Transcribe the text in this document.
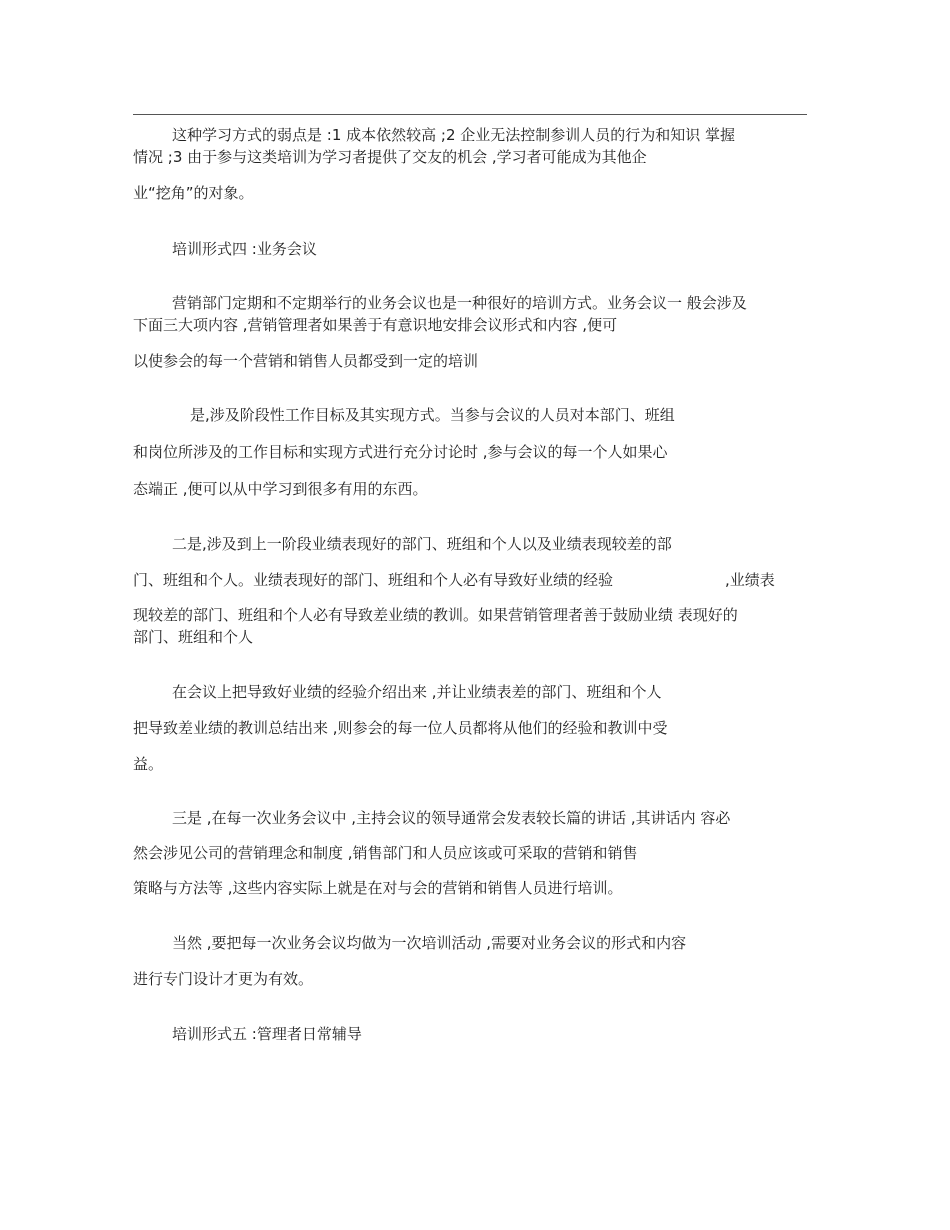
这种学习方式的弱点是 :1 成本依然较高 ;2 企业无法控制参训人员的行为和知识 掌握
情况 ;3 由于参与这类培训为学习者提供了交友的机会 ,学习者可能成为其他企
业“挖角”的对象。
培训形式四 :业务会议
营销部门定期和不定期举行的业务会议也是一种很好的培训方式。业务会议一 般会涉及
下面三大项内容 ,营销管理者如果善于有意识地安排会议形式和内容 ,便可
以使参会的每一个营销和销售人员都受到一定的培训
是,涉及阶段性工作目标及其实现方式。当参与会议的人员对本部门、班组
和岗位所涉及的工作目标和实现方式进行充分讨论时 ,参与会议的每一个人如果心
态端正 ,便可以从中学习到很多有用的东西。
二是,涉及到上一阶段业绩表现好的部门、班组和个人以及业绩表现较差的部
门、班组和个人。业绩表现好的部门、班组和个人必有导致好业绩的经验	,业绩表
现较差的部门、班组和个人必有导致差业绩的教训。如果营销管理者善于鼓励业绩 表现好的
部门、班组和个人
在会议上把导致好业绩的经验介绍出来 ,并让业绩表差的部门、班组和个人
把导致差业绩的教训总结出来 ,则参会的每一位人员都将从他们的经验和教训中受
益。
三是 ,在每一次业务会议中 ,主持会议的领导通常会发表较长篇的讲话 ,其讲话内 容必
然会涉见公司的营销理念和制度 ,销售部门和人员应该或可采取的营销和销售
策略与方法等 ,这些内容实际上就是在对与会的营销和销售人员进行培训。
当然 ,要把每一次业务会议均做为一次培训活动 ,需要对业务会议的形式和内容
进行专门设计才更为有效。
培训形式五 :管理者日常辅导
